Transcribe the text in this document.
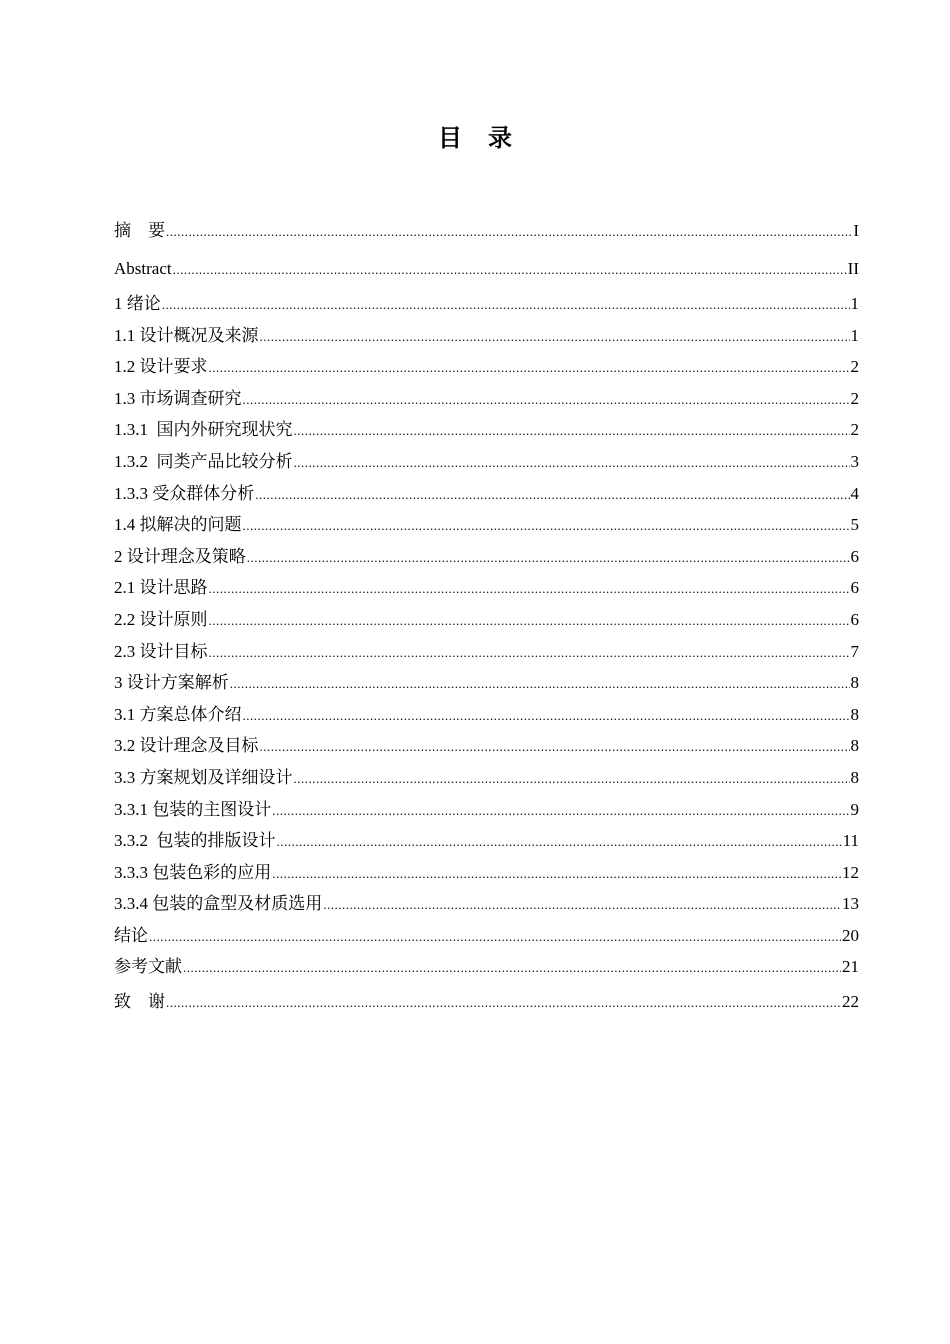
目 录
摘　要 .....	I
Abstract .....	II
1 绪论 .....	1
1.1 设计概况及来源 .....	1
1.2 设计要求 .....	2
1.3 市场调查研究 .....	2
1.3.1  国内外研究现状究 .....	2
1.3.2  同类产品比较分析 .....	3
1.3.3 受众群体分析 .....	4
1.4 拟解决的问题 .....	5
2 设计理念及策略 .....	6
2.1 设计思路 .....	6
2.2 设计原则 .....	6
2.3 设计目标 .....	7
3 设计方案解析 .....	8
3.1 方案总体介绍 .....	8
3.2 设计理念及目标 .....	8
3.3 方案规划及详细设计 .....	8
3.3.1 包装的主图设计 .....	9
3.3.2  包装的排版设计 .....	11
3.3.3 包装色彩的应用 .....	12
3.3.4 包装的盒型及材质选用 .....	13
结论 .....	20
参考文献 .....	21
致　谢 .....	22
